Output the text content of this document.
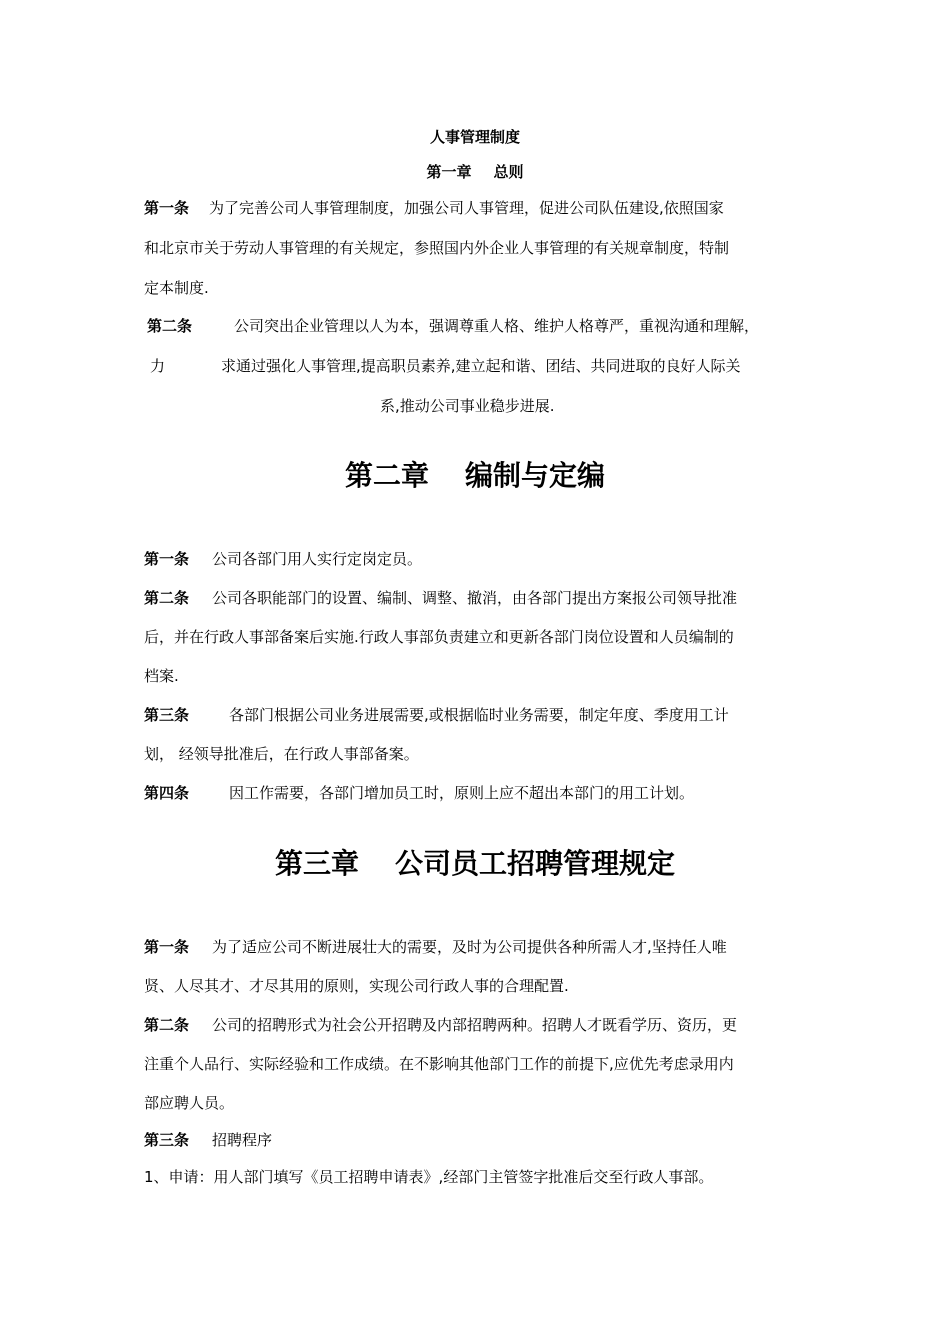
人事管理制度
第一章 总则
第一条 为了完善公司人事管理制度，加强公司人事管理，促进公司队伍建设,依照国家
和北京市关于劳动人事管理的有关规定，参照国内外企业人事管理的有关规章制度，特制
定本制度.
第二条	公司突出企业管理以人为本，强调尊重人格、维护人格尊严，重视沟通和理解，
力	求通过强化人事管理,提高职员素养,建立起和谐、团结、共同进取的良好人际关
系,推动公司事业稳步进展.
第二章 编制与定编
第一条 公司各部门用人实行定岗定员。
第二条 公司各职能部门的设置、编制、调整、撤消，由各部门提出方案报公司领导批准
后，并在行政人事部备案后实施.行政人事部负责建立和更新各部门岗位设置和人员编制的
档案.
第三条	各部门根据公司业务进展需要,或根据临时业务需要，制定年度、季度用工计
划， 经领导批准后，在行政人事部备案。
第四条	因工作需要，各部门增加员工时，原则上应不超出本部门的用工计划。
第三章 公司员工招聘管理规定
第一条 为了适应公司不断进展壮大的需要，及时为公司提供各种所需人才,坚持任人唯
贤、人尽其才、才尽其用的原则，实现公司行政人事的合理配置.
第二条 公司的招聘形式为社会公开招聘及内部招聘两种。招聘人才既看学历、资历，更
注重个人品行、实际经验和工作成绩。在不影响其他部门工作的前提下,应优先考虑录用内
部应聘人员。
第三条 招聘程序
1、申请：用人部门填写《员工招聘申请表》,经部门主管签字批准后交至行政人事部。
